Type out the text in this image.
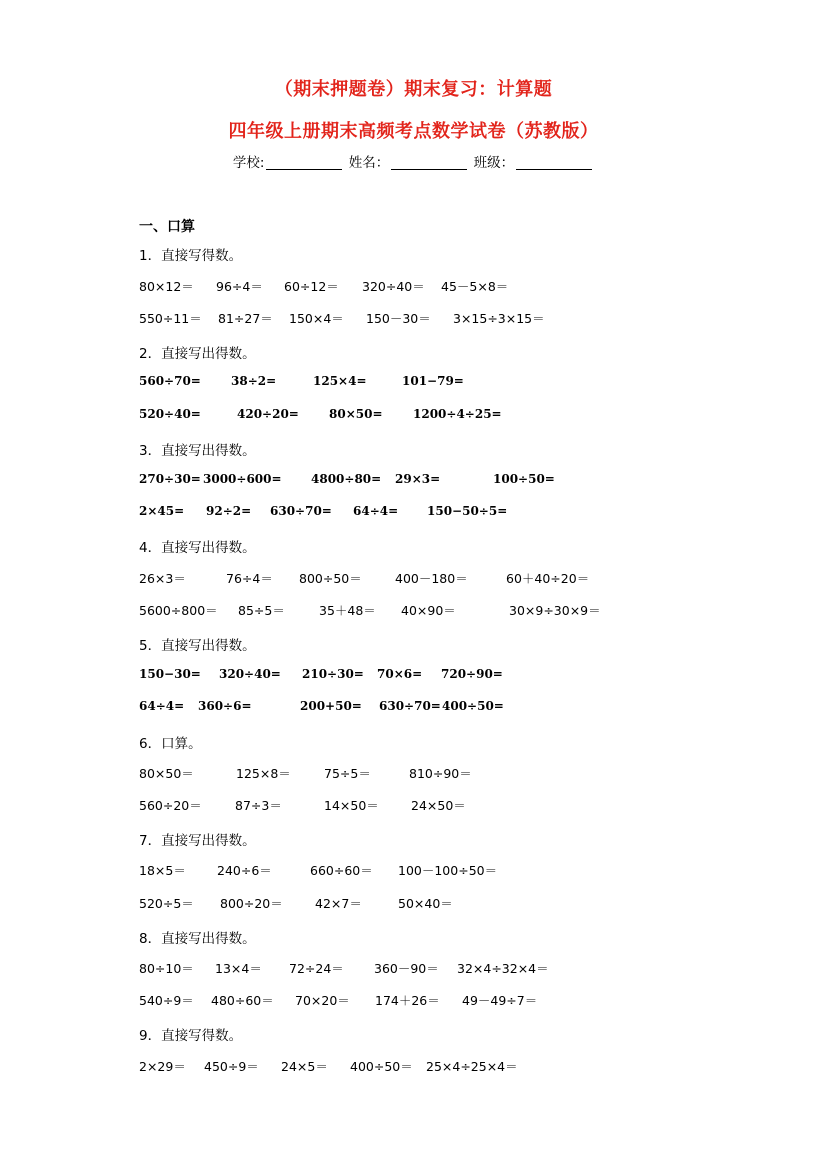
（期末押题卷）期末复习：计算题
四年级上册期末高频考点数学试卷（苏教版）
学校:	姓名：	班级：
一、口算
1．直接写得数。
80×12＝ 96÷4＝ 60÷12＝ 320÷40＝ 45－5×8＝
550÷11＝ 81÷27＝ 150×4＝ 150－30＝ 3×15÷3×15＝
2．直接写出得数。
560÷70=	38÷2=	125×4=	101−79=
520÷40=	420÷20=	80×50=	1200÷4÷25=
3．直接写出得数。
270÷30= 3000÷600= 4800÷80= 29×3=	100÷50=
2×45= 92÷2= 630÷70= 64÷4= 150−50÷5=
4．直接写出得数。
26×3＝	76÷4＝ 800÷50＝	400－180＝	60＋40÷20＝
5600÷800＝ 85÷5＝	35＋48＝ 40×90＝	30×9÷30×9＝
5．直接写出得数。
150−30= 320÷40= 210÷30= 70×6= 720÷90=
64÷4= 360÷6=	200+50= 630÷70= 400÷50=
6．口算。
80×50＝	125×8＝	75÷5＝	810÷90＝
560÷20＝	87÷3＝	14×50＝	24×50＝
7．直接写出得数。
18×5＝ 240÷6＝	660÷60＝ 100－100÷50＝
520÷5＝ 800÷20＝	42×7＝	50×40＝
8．直接写出得数。
80÷10＝ 13×4＝ 72÷24＝ 360－90＝ 32×4÷32×4＝
540÷9＝ 480÷60＝ 70×20＝ 174＋26＝ 49－49÷7＝
9．直接写得数。
2×29＝ 450÷9＝ 24×5＝ 400÷50＝ 25×4÷25×4＝
